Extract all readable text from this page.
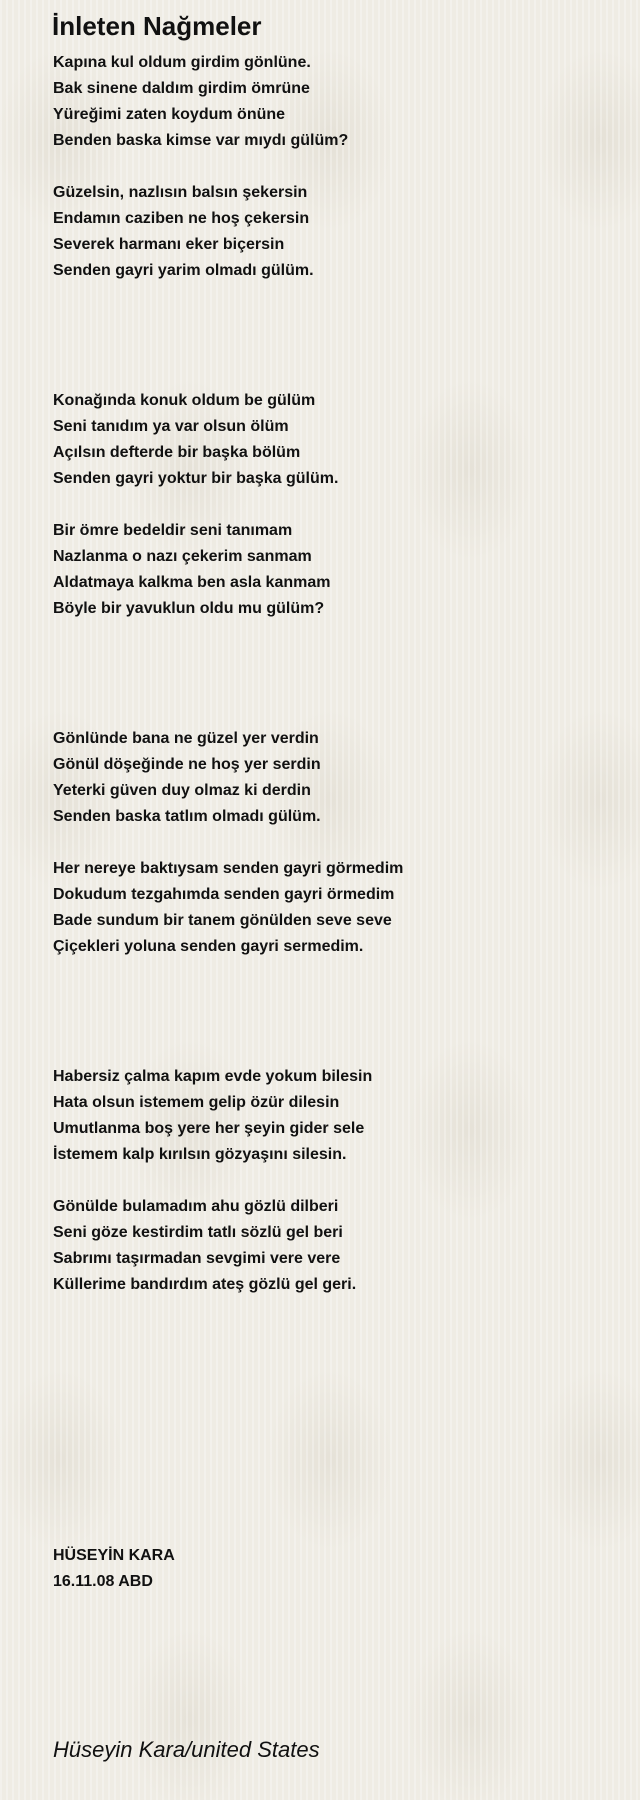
İnleten Nağmeler
Kapına kul oldum girdim gönlüne.
Bak sinene daldım girdim ömrüne
Yüreğimi zaten koydum önüne
Benden baska kimse var mıydı gülüm?
Güzelsin, nazlısın balsın şekersin
Endamın caziben ne hoş çekersin
Severek harmanı eker biçersin
Senden gayri yarim olmadı gülüm.
Konağında konuk oldum be gülüm
Seni tanıdım ya var olsun ölüm
Açılsın defterde bir başka bölüm
Senden gayri yoktur bir başka gülüm.
Bir ömre bedeldir seni tanımam
Nazlanma o nazı çekerim sanmam
Aldatmaya kalkma ben asla kanmam
Böyle bir yavuklun oldu mu gülüm?
Gönlünde bana ne güzel yer verdin
Gönül döşeğinde ne hoş yer serdin
Yeterki güven duy olmaz ki derdin
Senden baska tatlım olmadı gülüm.
Her nereye baktıysam senden gayri görmedim
Dokudum tezgahımda senden gayri örmedim
Bade sundum bir tanem gönülden seve seve
Çiçekleri yoluna senden gayri sermedim.
Habersiz çalma kapım evde yokum bilesin
Hata olsun istemem gelip özür dilesin
Umutlanma boş yere her şeyin gider sele
İstemem kalp kırılsın gözyaşını silesin.
Gönülde bulamadım ahu gözlü dilberi
Seni göze kestirdim tatlı sözlü gel beri
Sabrımı taşırmadan sevgimi vere vere
Küllerime bandırdım ateş gözlü gel geri.
HÜSEYİN KARA
16.11.08 ABD
Hüseyin Kara/united States
